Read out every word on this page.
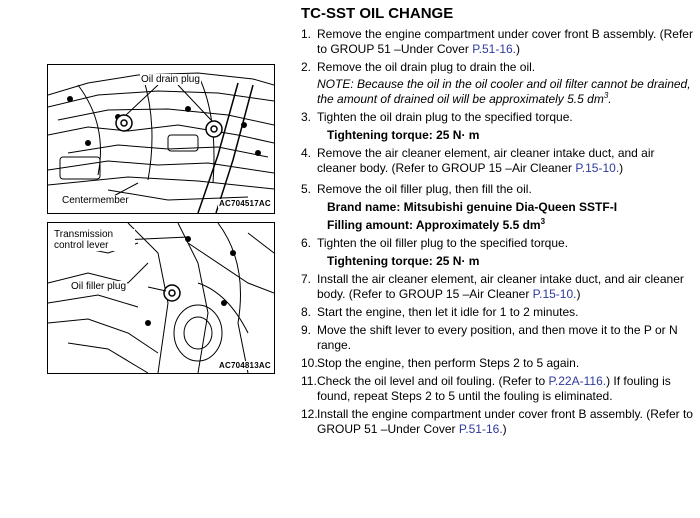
Oil drain plug
Centermember	AC704517AC
Transmission control lever
Oil filler plug
AC704813AC
TC-SST OIL CHANGE
1. Remove the engine compartment under cover front B assembly. (Refer to GROUP 51 –Under Cover P.51-16.)
2. Remove the oil drain plug to drain the oil.
NOTE: Because the oil in the oil cooler and oil filter cannot be drained, the amount of drained oil will be approximately 5.5 $dm^3$.
3. Tighten the oil drain plug to the specified torque.
Tightening torque: 25 N· m
4. Remove the air cleaner element, air cleaner intake duct, and air cleaner body. (Refer to GROUP 15 –Air Cleaner P.15-10.)
5. Remove the oil filler plug, then fill the oil.
Brand name: Mitsubishi genuine Dia-Queen SSTF-I
Filling amount: Approximately 5.5 $dm^3$
6. Tighten the oil filler plug to the specified torque.
Tightening torque: 25 N· m
7. Install the air cleaner element, air cleaner intake duct, and air cleaner body. (Refer to GROUP 15 –Air Cleaner P.15-10.)
8. Start the engine, then let it idle for 1 to 2 minutes.
9. Move the shift lever to every position, and then move it to the P or N range.
10. Stop the engine, then perform Steps 2 to 5 again.
11. Check the oil level and oil fouling. (Refer to P.22A-116.) If fouling is found, repeat Steps 2 to 5 until the fouling is eliminated.
12. Install the engine compartment under cover front B assembly. (Refer to GROUP 51 –Under Cover P.51-16.)
